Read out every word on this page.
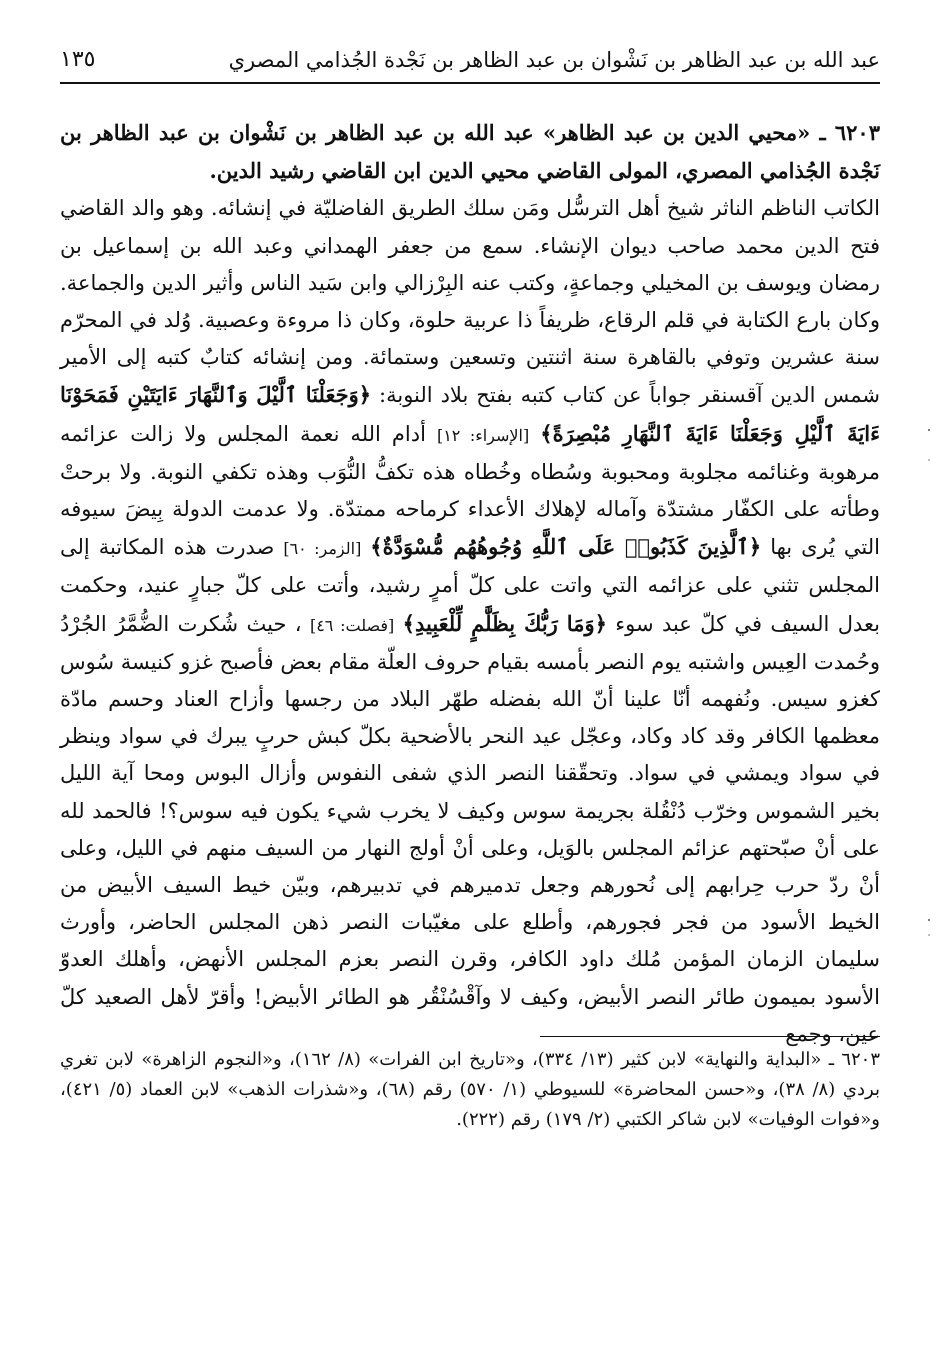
عبد الله بن عبد الظاهر بن نَشْوان بن عبد الظاهر بن نَجْدة الجُذامي المصري
١٣٥

٦٢٠٣ ـ «محيي الدين بن عبد الظاهر» عبد الله بن عبد الظاهر بن نَشْوان بن عبد الظاهر بن نَجْدة الجُذامي المصري، المولى القاضي محيي الدين ابن القاضي رشيد الدين.

الكاتب الناظم الناثر شيخ أهل الترسُّل ومَن سلك الطريق الفاضليّة في إنشائه. وهو والد القاضي فتح الدين محمد صاحب ديوان الإنشاء. سمع من جعفر الهمداني وعبد الله بن إسماعيل بن رمضان ويوسف بن المخيلي وجماعةٍ، وكتب عنه البِرْزالي وابن سَيد الناس وأثير الدين والجماعة. وكان بارع الكتابة في قلم الرقاع، ظريفاً ذا عربية حلوة، وكان ذا مروءة وعصبية. وُلد في المحرّم سنة عشرين وتوفي بالقاهرة سنة اثنتين وتسعين وستمائة. ومن إنشائه كتابٌ كتبه إلى الأمير شمس الدين آقسنقر جواباً عن كتاب كتبه بفتح بلاد النوبة: ﴿وَجَعَلْنَا ٱلَّيْلَ وَٱلنَّهَارَ ءَايَتَيْنِ فَمَحَوْنَا ءَايَةَ ٱلَّيْلِ وَجَعَلْنَا ءَايَةَ ٱلنَّهَارِ مُبْصِرَةً﴾ [الإسراء: ١٢] أدام الله نعمة المجلس ولا زالت عزائمه مرهوبة وغنائمه مجلوبة ومحبوبة وسُطاه وخُطاه هذه تكفُّ النُّوَب وهذه تكفي النوبة. ولا برحتْ وطأته على الكفّار مشتدّة وآماله لإهلاك الأعداء كرماحه ممتدّة. ولا عدمت الدولة بِيضَ سيوفه التي يُرى بها ﴿ٱلَّذِينَ كَذَبُوا۟ عَلَى ٱللَّهِ وُجُوهُهُم مُّسْوَدَّةٌ﴾ [الزمر: ٦٠] صدرت هذه المكاتبة إلى المجلس تثني على عزائمه التي واتت على كلّ أمرٍ رشيد، وأتت على كلّ جبارٍ عنيد، وحكمت بعدل السيف في كلّ عبد سوء ﴿وَمَا رَبُّكَ بِظَلَّٰمٍ لِّلْعَبِيدِ﴾ [فصلت: ٤٦] ، حيث شُكرت الضُّمَّرُ الجُرْدُ وحُمدت العِيس واشتبه يوم النصر بأمسه بقيام حروف العلّة مقام بعض فأصبح غزو كنيسة سُوس كغزو سيس. ونُفهمه أنّا علينا أنّ الله بفضله طهّر البلاد من رجسها وأزاح العناد وحسم مادّة معظمها الكافر وقد كاد وكاد، وعجّل عيد النحر بالأضحية بكلّ كبش حربٍ يبرك في سواد وينظر في سواد ويمشي في سواد. وتحقّقنا النصر الذي شفى النفوس وأزال البوس ومحا آية الليل بخير الشموس وخرّب دُنْقُلة بجريمة سوس وكيف لا يخرب شيء يكون فيه سوس؟! فالحمد لله على أنْ صبّحتهم عزائم المجلس بالوَيل، وعلى أنْ أولج النهار من السيف منهم في الليل، وعلى أنْ ردّ حرب حِرابهم إلى نُحورهم وجعل تدميرهم في تدبيرهم، وبيّن خيط السيف الأبيض من الخيط الأسود من فجر فجورهم، وأطلع على مغيّبات النصر ذهن المجلس الحاضر، وأورث سليمان الزمان المؤمن مُلك داود الكافر، وقرن النصر بعزم المجلس الأنهض، وأهلك العدوّ الأسود بميمون طائر النصر الأبيض، وكيف لا وآقْسُنْقُر هو الطائر الأبيض! وأقرّ لأهل الصعيد كلّ عين، وجمع

٦٢٠٣ ـ «البداية والنهاية» لابن كثير (١٣/ ٣٣٤)، و«تاريخ ابن الفرات» (٨/ ١٦٢)، و«النجوم الزاهرة» لابن تغري بردي (٨/ ٣٨)، و«حسن المحاضرة» للسيوطي (١/ ٥٧٠) رقم (٦٨)، و«شذرات الذهب» لابن العماد (٥/ ٤٢١)، و«فوات الوفيات» لابن شاكر الكتبي (٢/ ١٧٩) رقم (٢٢٢).
